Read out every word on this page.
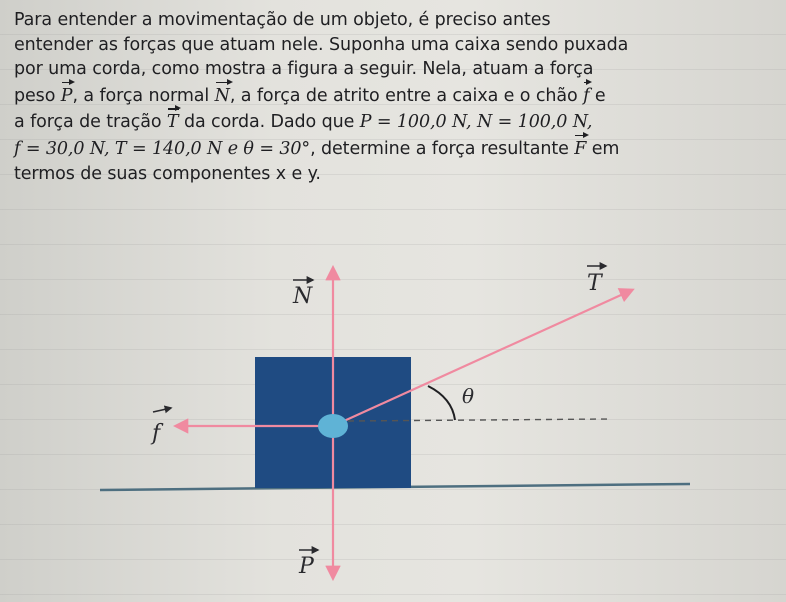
Para entender a movimentação de um objeto, é preciso antes
entender as forças que atuam nele. Suponha uma caixa sendo puxada
por uma corda, como mostra a figura a seguir. Nela, atuam a força
peso P, a força normal N, a força de atrito entre a caixa e o chão f e
a força de tração T da corda. Dado que P = 100,0 N, N = 100,0 N,
f = 30,0 N, T = 140,0 N e θ = 30°, determine a força resultante F em
termos de suas componentes x e y.
N
T
f
P
θ
